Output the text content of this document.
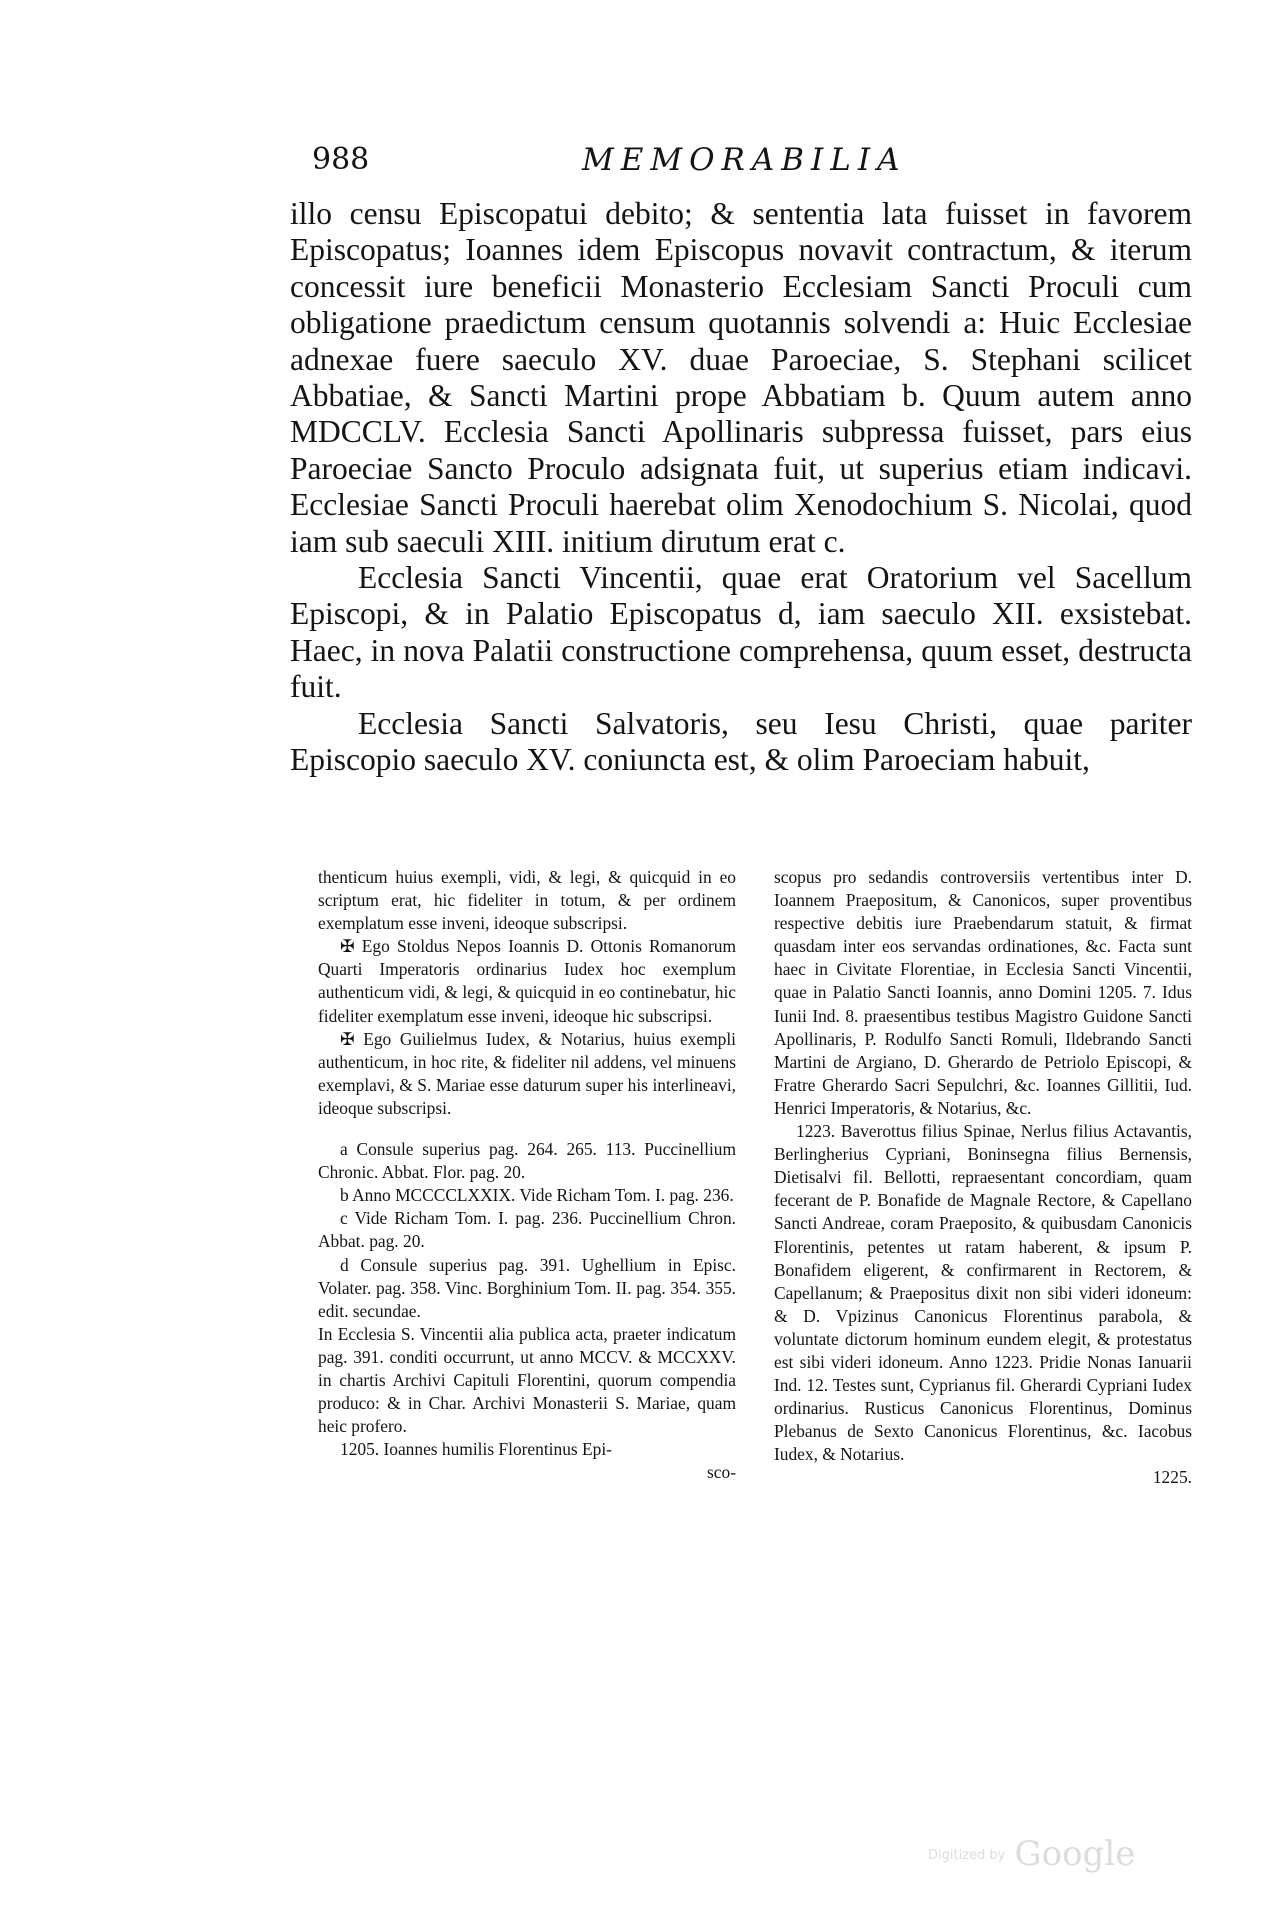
988	MEMORABILIA

illo censu Episcopatui debito; & sententia lata fuisset in favorem Episcopatus; Ioannes idem Episcopus novavit contractum, & iterum concessit iure beneficii Monasterio Ecclesiam Sancti Proculi cum obligatione praedictum censum quotannis solvendi a: Huic Ecclesiae adnexae fuere saeculo XV. duae Paroeciae, S. Stephani scilicet Abbatiae, & Sancti Martini prope Abbatiam b. Quum autem anno MDCCLV. Ecclesia Sancti Apollinaris subpressa fuisset, pars eius Paroeciae Sancto Proculo adsignata fuit, ut superius etiam indicavi. Ecclesiae Sancti Proculi haerebat olim Xenodochium S. Nicolai, quod iam sub saeculi XIII. initium dirutum erat c.

Ecclesia Sancti Vincentii, quae erat Oratorium vel Sacellum Episcopi, & in Palatio Episcopatus d, iam saeculo XII. exsistebat. Haec, in nova Palatii constructione comprehensa, quum esset, destructa fuit.

Ecclesia Sancti Salvatoris, seu Iesu Christi, quae pariter Episcopio saeculo XV. coniuncta est, & olim Paroeciam habuit,

thenticum huius exempli, vidi, & legi, & quicquid in eo scriptum erat, hic fideliter in totum, & per ordinem exemplatum esse inveni, ideoque subscripsi.

✠ Ego Stoldus Nepos Ioannis D. Ottonis Romanorum Quarti Imperatoris ordinarius Iudex hoc exemplum authenticum vidi, & legi, & quicquid in eo continebatur, hic fideliter exemplatum esse inveni, ideoque hic subscripsi.

✠ Ego Guilielmus Iudex, & Notarius, huius exempli authenticum, in hoc rite, & fideliter nil addens, vel minuens exemplavi, & S. Mariae esse daturum super his interlineavi, ideoque subscripsi.

a Consule superius pag. 264. 265. 113. Puccinellium Chronic. Abbat. Flor. pag. 20.

b Anno MCCCCLXXIX. Vide Richam Tom. I. pag. 236.

c Vide Richam Tom. I. pag. 236. Puccinellium Chron. Abbat. pag. 20.

d Consule superius pag. 391. Ughellium in Episc. Volater. pag. 358. Vinc. Borghinium Tom. II. pag. 354. 355. edit. secundae.

In Ecclesia S. Vincentii alia publica acta, praeter indicatum pag. 391. conditi occurrunt, ut anno MCCV. & MCCXXV. in chartis Archivi Capituli Florentini, quorum compendia produco: & in Char. Archivi Monasterii S. Mariae, quam heic profero.

1205. Ioannes humilis Florentinus Epi-

sco-

scopus pro sedandis controversiis vertentibus inter D. Ioannem Praepositum, & Canonicos, super proventibus respective debitis iure Praebendarum statuit, & firmat quasdam inter eos servandas ordinationes, &c. Facta sunt haec in Civitate Florentiae, in Ecclesia Sancti Vincentii, quae in Palatio Sancti Ioannis, anno Domini 1205. 7. Idus Iunii Ind. 8. praesentibus testibus Magistro Guidone Sancti Apollinaris, P. Rodulfo Sancti Romuli, Ildebrando Sancti Martini de Argiano, D. Gherardo de Petriolo Episcopi, & Fratre Gherardo Sacri Sepulchri, &c. Ioannes Gillitii, Iud. Henrici Imperatoris, & Notarius, &c.

1223. Baverottus filius Spinae, Nerlus filius Actavantis, Berlingherius Cypriani, Boninsegna filius Bernensis, Dietisalvi fil. Bellotti, repraesentant concordiam, quam fecerant de P. Bonafide de Magnale Rectore, & Capellano Sancti Andreae, coram Praeposito, & quibusdam Canonicis Florentinis, petentes ut ratam haberent, & ipsum P. Bonafidem eligerent, & confirmarent in Rectorem, & Capellanum; & Praepositus dixit non sibi videri idoneum: & D. Vpizinus Canonicus Florentinus parabola, & voluntate dictorum hominum eundem elegit, & protestatus est sibi videri idoneum. Anno 1223. Pridie Nonas Ianuarii Ind. 12. Testes sunt, Cyprianus fil. Gherardi Cypriani Iudex ordinarius. Rusticus Canonicus Florentinus, Dominus Plebanus de Sexto Canonicus Florentinus, &c. Iacobus Iudex, & Notarius.

1225.

$^{Digitized by}$ Google
